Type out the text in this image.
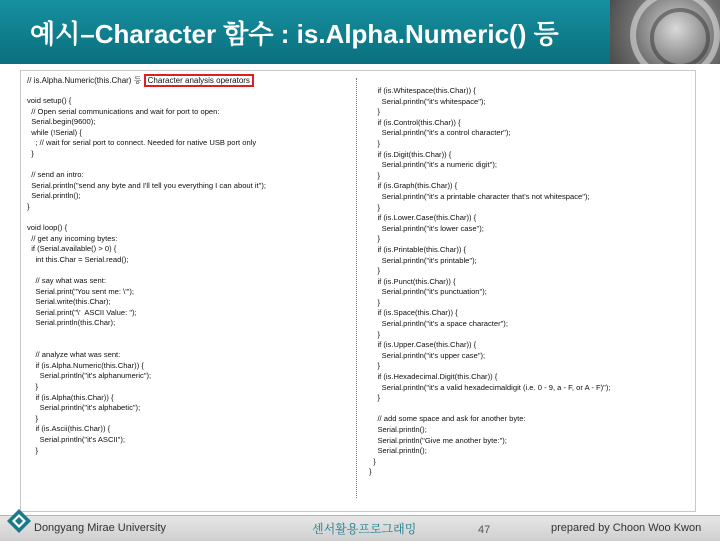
예시–Character 함수 : is.Alpha.Numeric() 등
// is.Alpha.Numeric(this.Char) 등 Character analysis operators
void setup() {
// Open serial communications and wait for port to open:
Serial.begin(9600);
while (!Serial) {
; // wait for serial port to connect. Needed for native USB port only
}

// send an intro:
Serial.println("send any byte and I'll tell you everything I can about it");
Serial.println();
}

void loop() {
// get any incoming bytes:
if (Serial.available() > 0) {
int this.Char = Serial.read();

// say what was sent:
Serial.print("You sent me: \'");
Serial.write(this.Char);
Serial.print("\'  ASCII Value: ");
Serial.println(this.Char);

// analyze what was sent:
if (is.Alpha.Numeric(this.Char)) {
Serial.println("it's alphanumeric");
}
if (is.Alpha(this.Char)) {
Serial.println("it's alphabetic");
}
if (is.Ascii(this.Char)) {
Serial.println("it's ASCII");
}
if (is.Whitespace(this.Char)) {
Serial.println("it's whitespace");
}
if (is.Control(this.Char)) {
Serial.println("it's a control character");
}
if (is.Digit(this.Char)) {
Serial.println("it's a numeric digit");
}
if (is.Graph(this.Char)) {
Serial.println("it's a printable character that's not whitespace");
}
if (is.Lower.Case(this.Char)) {
Serial.println("it's lower case");
}
if (is.Printable(this.Char)) {
Serial.println("it's printable");
}
if (is.Punct(this.Char)) {
Serial.println("it's punctuation");
}
if (is.Space(this.Char)) {
Serial.println("it's a space character");
}
if (is.Upper.Case(this.Char)) {
Serial.println("it's upper case");
}
if (is.Hexadecimal.Digit(this.Char)) {
Serial.println("it's a valid hexadecimaldigit (i.e. 0 - 9, a - F, or A - F)");
}

// add some space and ask for another byte:
Serial.println();
Serial.println("Give me another byte:");
Serial.println();
}
}
Dongyang Mirae University	센서활용프로그래밍	47	prepared by Choon Woo Kwon
